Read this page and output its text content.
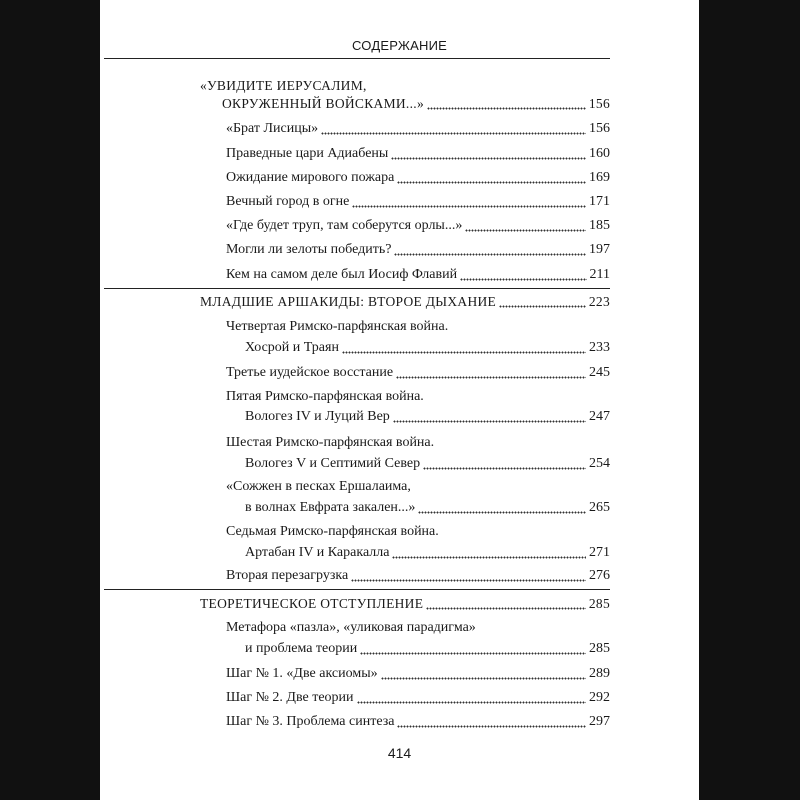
СОДЕРЖАНИЕ
«УВИДИТЕ ИЕРУСАЛИМ,
ОКРУЖЕННЫЙ ВОЙСКАМИ...»	156
«Брат Лисицы»	156
Праведные цари Адиабены	160
Ожидание мирового пожара	169
Вечный город в огне	171
«Где будет труп, там соберутся орлы...»	185
Могли ли зелоты победить?	197
Кем на самом деле был Иосиф Флавий	211
МЛАДШИЕ АРШАКИДЫ: ВТОРОЕ ДЫХАНИЕ	223
Четвертая Римско-парфянская война.
Хосрой и Траян	233
Третье иудейское восстание	245
Пятая Римско-парфянская война.
Вологез IV и Луций Вер	247
Шестая Римско-парфянская война.
Вологез V и Септимий Север	254
«Сожжен в песках Ершалаима,
в волнах Евфрата закален...»	265
Седьмая Римско-парфянская война.
Артабан IV и Каракалла	271
Вторая перезагрузка	276
ТЕОРЕТИЧЕСКОЕ ОТСТУПЛЕНИЕ	285
Метафора «пазла», «уликовая парадигма»
и проблема теории	285
Шаг № 1. «Две аксиомы»	289
Шаг № 2. Две теории	292
Шаг № 3. Проблема синтеза	297
414
